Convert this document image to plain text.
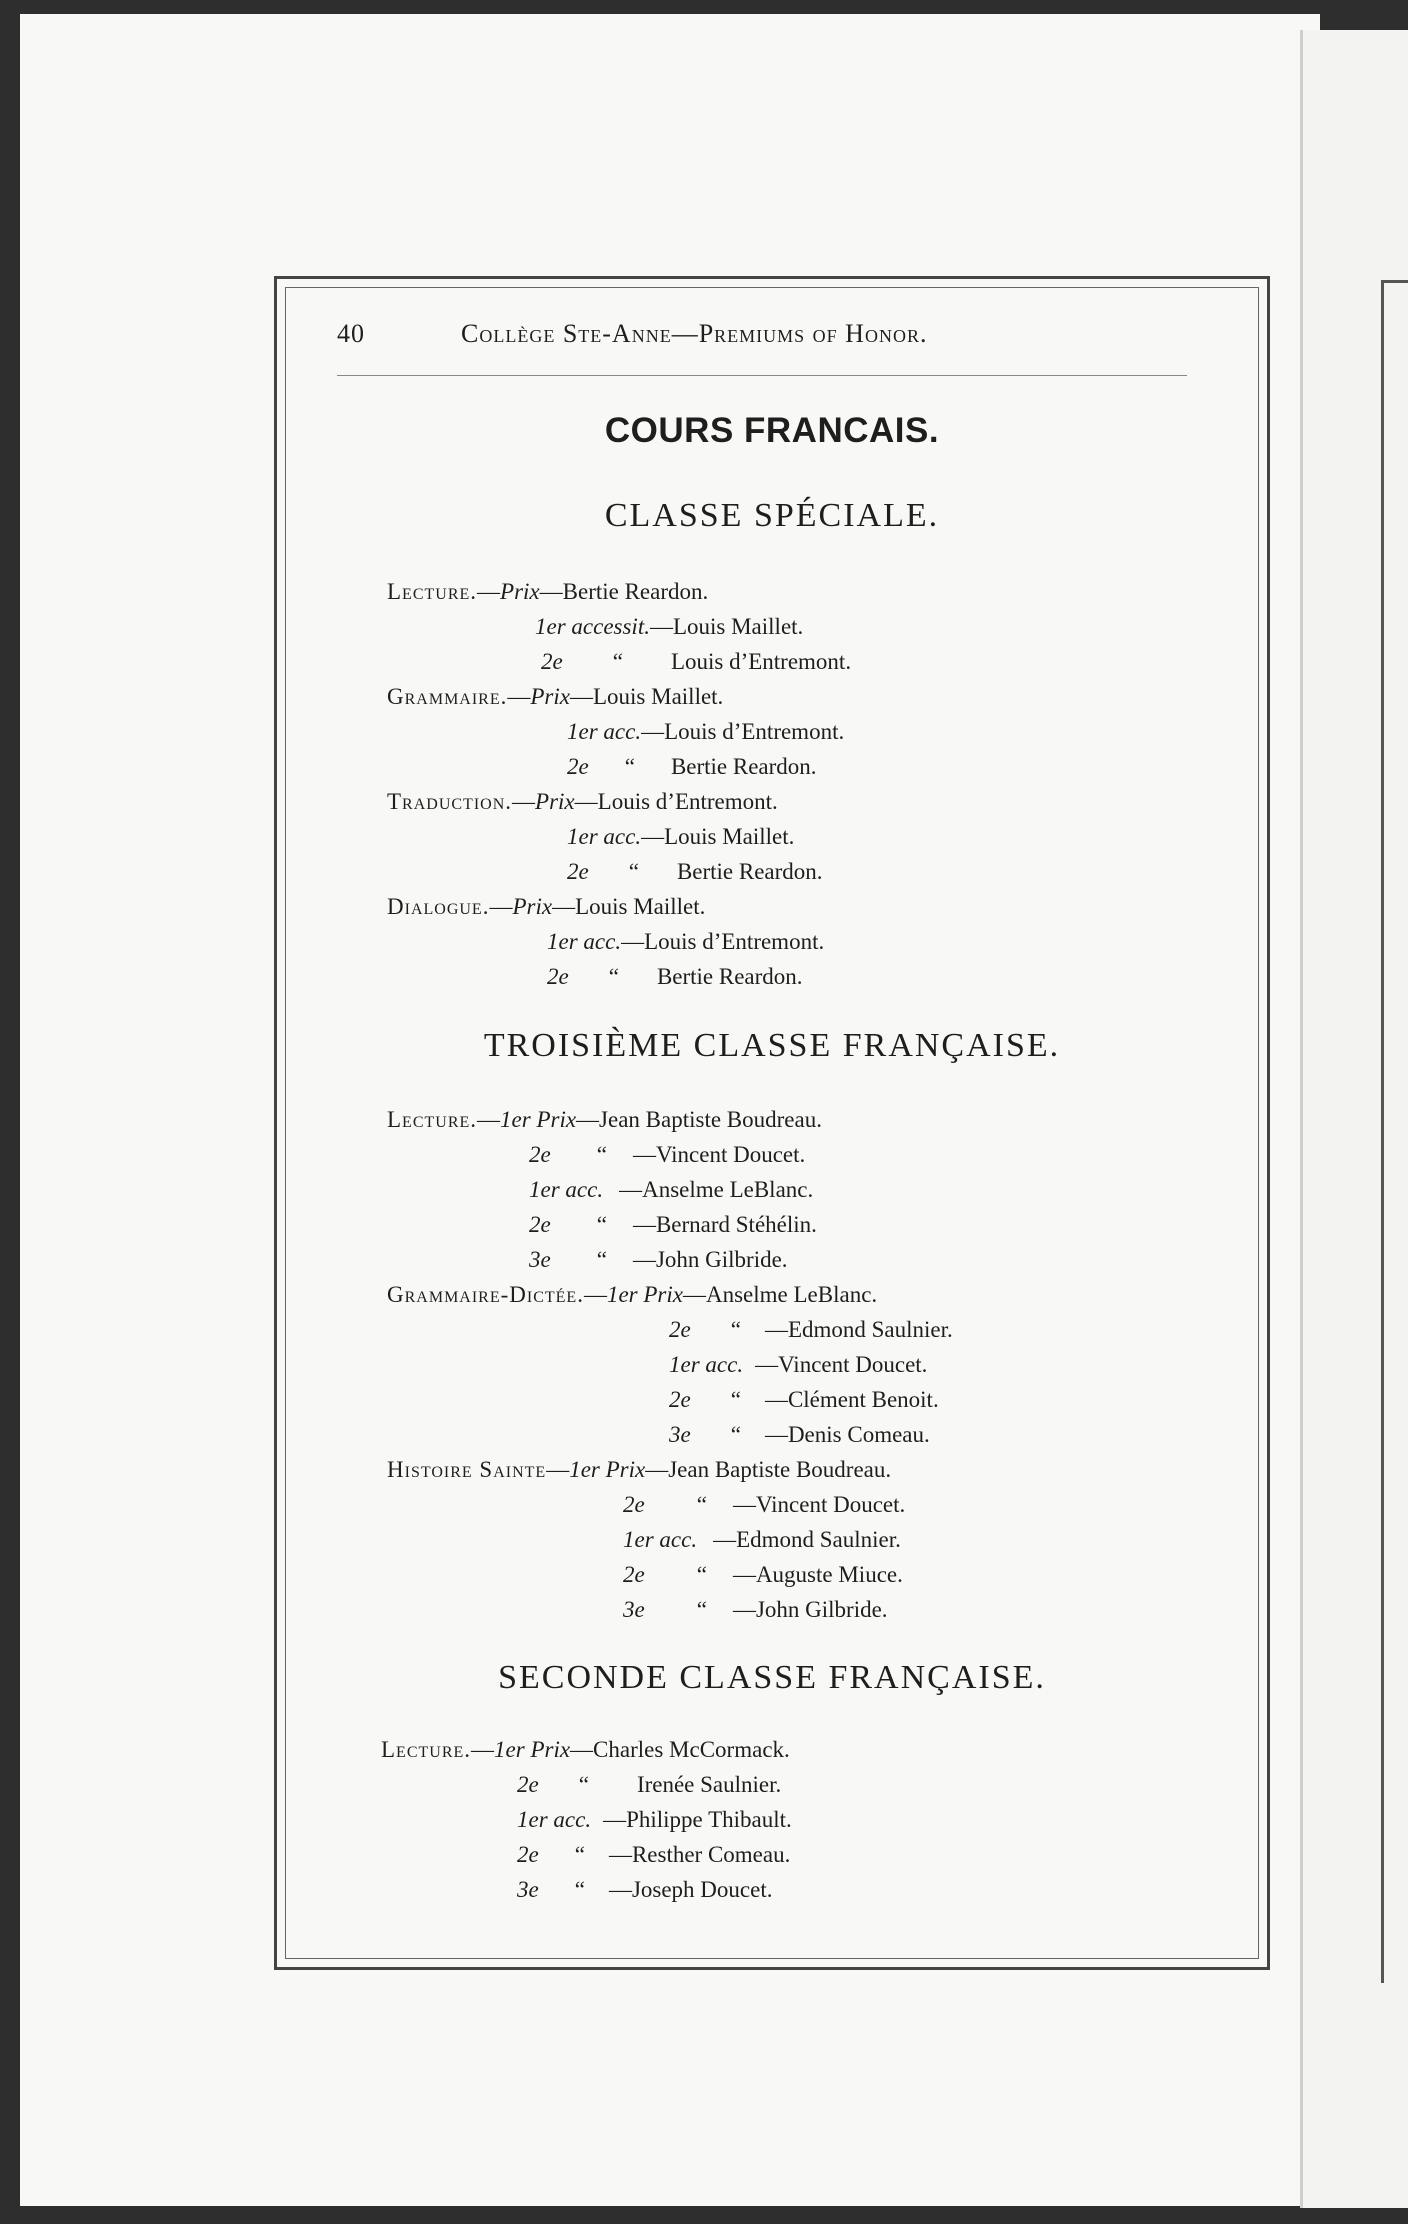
40	Collège Ste-Anne—Premiums of Honor.
COURS FRANCAIS.
CLASSE SPÉCIALE.
Lecture.—Prix—Bertie Reardon.
1er accessit.—Louis Maillet.
2e “ Louis d’Entremont.
Grammaire.—Prix—Louis Maillet.
1er acc.—Louis d’Entremont.
2e “ Bertie Reardon.
Traduction.—Prix—Louis d’Entremont.
1er acc.—Louis Maillet.
2e “ Bertie Reardon.
Dialogue.—Prix—Louis Maillet.
1er acc.—Louis d’Entremont.
2e “ Bertie Reardon.
TROISIÈME CLASSE FRANÇAISE.
Lecture.—1er Prix—Jean Baptiste Boudreau.
2e “ —Vincent Doucet.
1er acc. —Anselme LeBlanc.
2e “ —Bernard Stéhélin.
3e “ —John Gilbride.
Grammaire-Dictée.—1er Prix—Anselme LeBlanc.
2e “ —Edmond Saulnier.
1er acc. —Vincent Doucet.
2e “ —Clément Benoit.
3e “ —Denis Comeau.
Histoire Sainte—1er Prix—Jean Baptiste Boudreau.
2e “ —Vincent Doucet.
1er acc. —Edmond Saulnier.
2e “ —Auguste Miuce.
3e “ —John Gilbride.
SECONDE CLASSE FRANÇAISE.
Lecture.—1er Prix—Charles McCormack.
2e “ Irenée Saulnier.
1er acc. —Philippe Thibault.
2e “ —Resther Comeau.
3e “ —Joseph Doucet.
